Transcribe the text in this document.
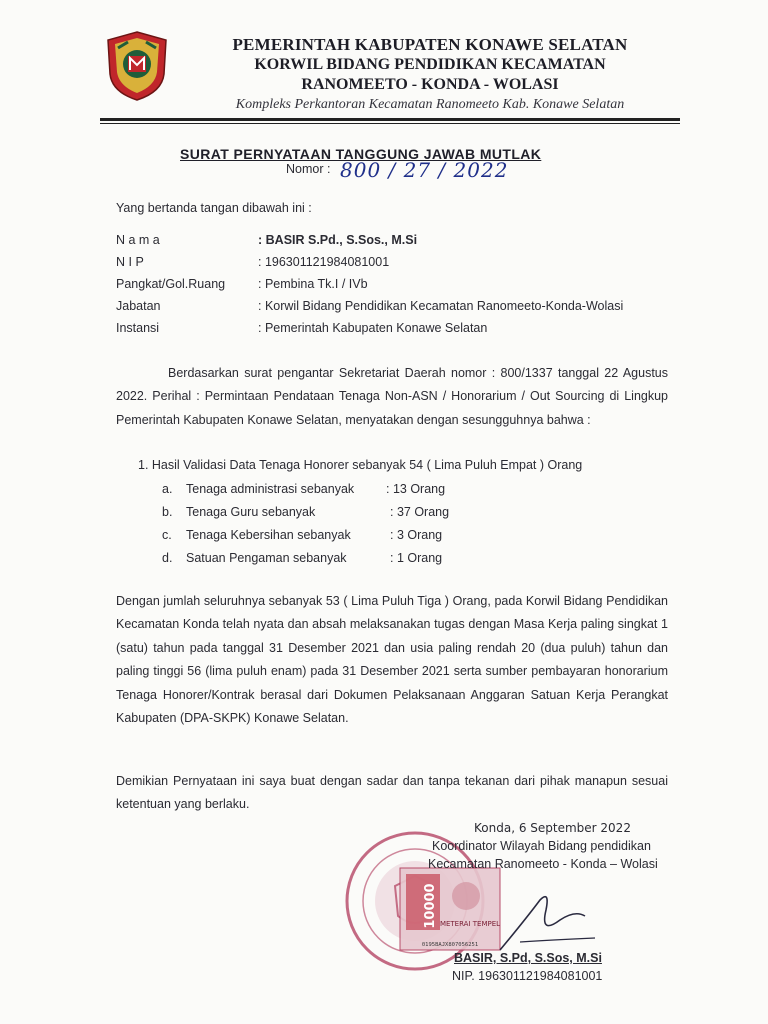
PEMERINTAH KABUPATEN KONAWE SELATAN
KORWIL BIDANG PENDIDIKAN KECAMATAN
RANOMEETO - KONDA - WOLASI
Kompleks Perkantoran Kecamatan Ranomeeto Kab. Konawe Selatan
SURAT PERNYATAAN TANGGUNG JAWAB MUTLAK
Nomor : 800 / 27 / 2022
Yang bertanda tangan dibawah ini :
N a m a	: BASIR S.Pd., S.Sos., M.Si
N I P	: 196301121984081001
Pangkat/Gol.Ruang	: Pembina Tk.I / IVb
Jabatan	: Korwil Bidang Pendidikan Kecamatan Ranomeeto-Konda-Wolasi
Instansi	: Pemerintah Kabupaten Konawe Selatan
Berdasarkan surat pengantar Sekretariat Daerah nomor : 800/1337 tanggal 22 Agustus 2022. Perihal : Permintaan Pendataan Tenaga Non-ASN / Honorarium / Out Sourcing di Lingkup Pemerintah Kabupaten Konawe Selatan, menyatakan dengan sesungguhnya bahwa :
1. Hasil Validasi Data Tenaga Honorer sebanyak 54 ( Lima Puluh Empat ) Orang
a. Tenaga administrasi sebanyak	: 13 Orang
b. Tenaga Guru sebanyak	: 37 Orang
c. Tenaga Kebersihan sebanyak	: 3 Orang
d. Satuan Pengaman sebanyak	: 1 Orang
Dengan jumlah seluruhnya sebanyak 53 ( Lima Puluh Tiga ) Orang, pada Korwil Bidang Pendidikan Kecamatan Konda telah nyata dan absah melaksanakan tugas dengan Masa Kerja paling singkat 1 (satu) tahun pada tanggal 31 Desember 2021 dan usia paling rendah 20 (dua puluh) tahun dan paling tinggi 56 (lima puluh enam) pada 31 Desember 2021 serta sumber pembayaran honorarium Tenaga Honorer/Kontrak berasal dari Dokumen Pelaksanaan Anggaran Satuan Kerja Perangkat Kabupaten (DPA-SKPK) Konawe Selatan.
Demikian Pernyataan ini saya buat dengan sadar dan tanpa tekanan dari pihak manapun sesuai ketentuan yang berlaku.
10000 METERAI TEMPEL
0195BAJX807056251
Konda, 6 September 2022
Koordinator Wilayah Bidang pendidikan
Kecamatan Ranomeeto - Konda – Wolasi
BASIR, S.Pd, S.Sos, M.Si
NIP. 196301121984081001
